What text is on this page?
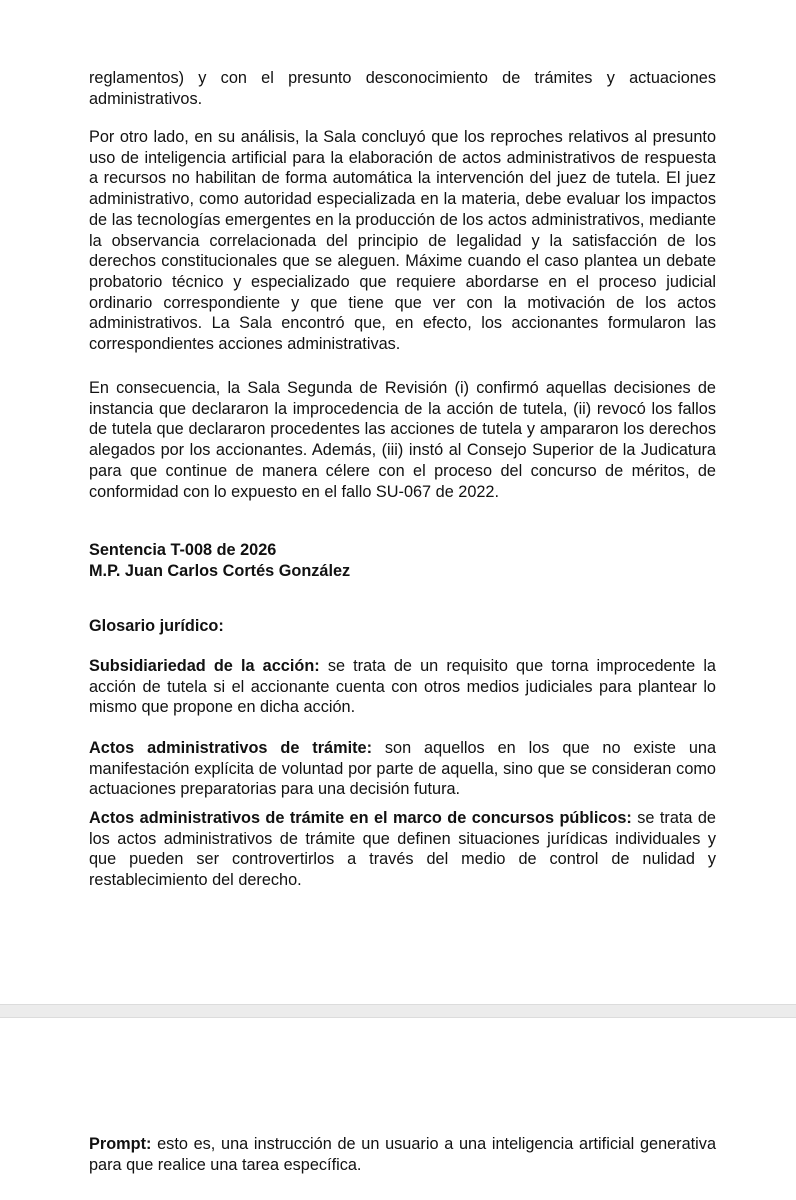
reglamentos) y con el presunto desconocimiento de trámites y actuaciones administrativos.

Por otro lado, en su análisis, la Sala concluyó que los reproches relativos al presunto uso de inteligencia artificial para la elaboración de actos administrativos de respuesta a recursos no habilitan de forma automática la intervención del juez de tutela. El juez administrativo, como autoridad especializada en la materia, debe evaluar los impactos de las tecnologías emergentes en la producción de los actos administrativos, mediante la observancia correlacionada del principio de legalidad y la satisfacción de los derechos constitucionales que se aleguen. Máxime cuando el caso plantea un debate probatorio técnico y especializado que requiere abordarse en el proceso judicial ordinario correspondiente y que tiene que ver con la motivación de los actos administrativos. La Sala encontró que, en efecto, los accionantes formularon las correspondientes acciones administrativas.

En consecuencia, la Sala Segunda de Revisión (i) confirmó aquellas decisiones de instancia que declararon la improcedencia de la acción de tutela, (ii) revocó los fallos de tutela que declararon procedentes las acciones de tutela y ampararon los derechos alegados por los accionantes. Además, (iii) instó al Consejo Superior de la Judicatura para que continue de manera célere con el proceso del concurso de méritos, de conformidad con lo expuesto en el fallo SU-067 de 2022.

Sentencia T-008 de 2026

M.P. Juan Carlos Cortés González

Glosario jurídico:

Subsidiariedad de la acción: se trata de un requisito que torna improcedente la acción de tutela si el accionante cuenta con otros medios judiciales para plantear lo mismo que propone en dicha acción.

Actos administrativos de trámite: son aquellos en los que no existe una manifestación explícita de voluntad por parte de aquella, sino que se consideran como actuaciones preparatorias para una decisión futura.

Actos administrativos de trámite en el marco de concursos públicos: se trata de los actos administrativos de trámite que definen situaciones jurídicas individuales y que pueden ser controvertirlos a través del medio de control de nulidad y restablecimiento del derecho.

Prompt: esto es, una instrucción de un usuario a una inteligencia artificial generativa para que realice una tarea específica.
